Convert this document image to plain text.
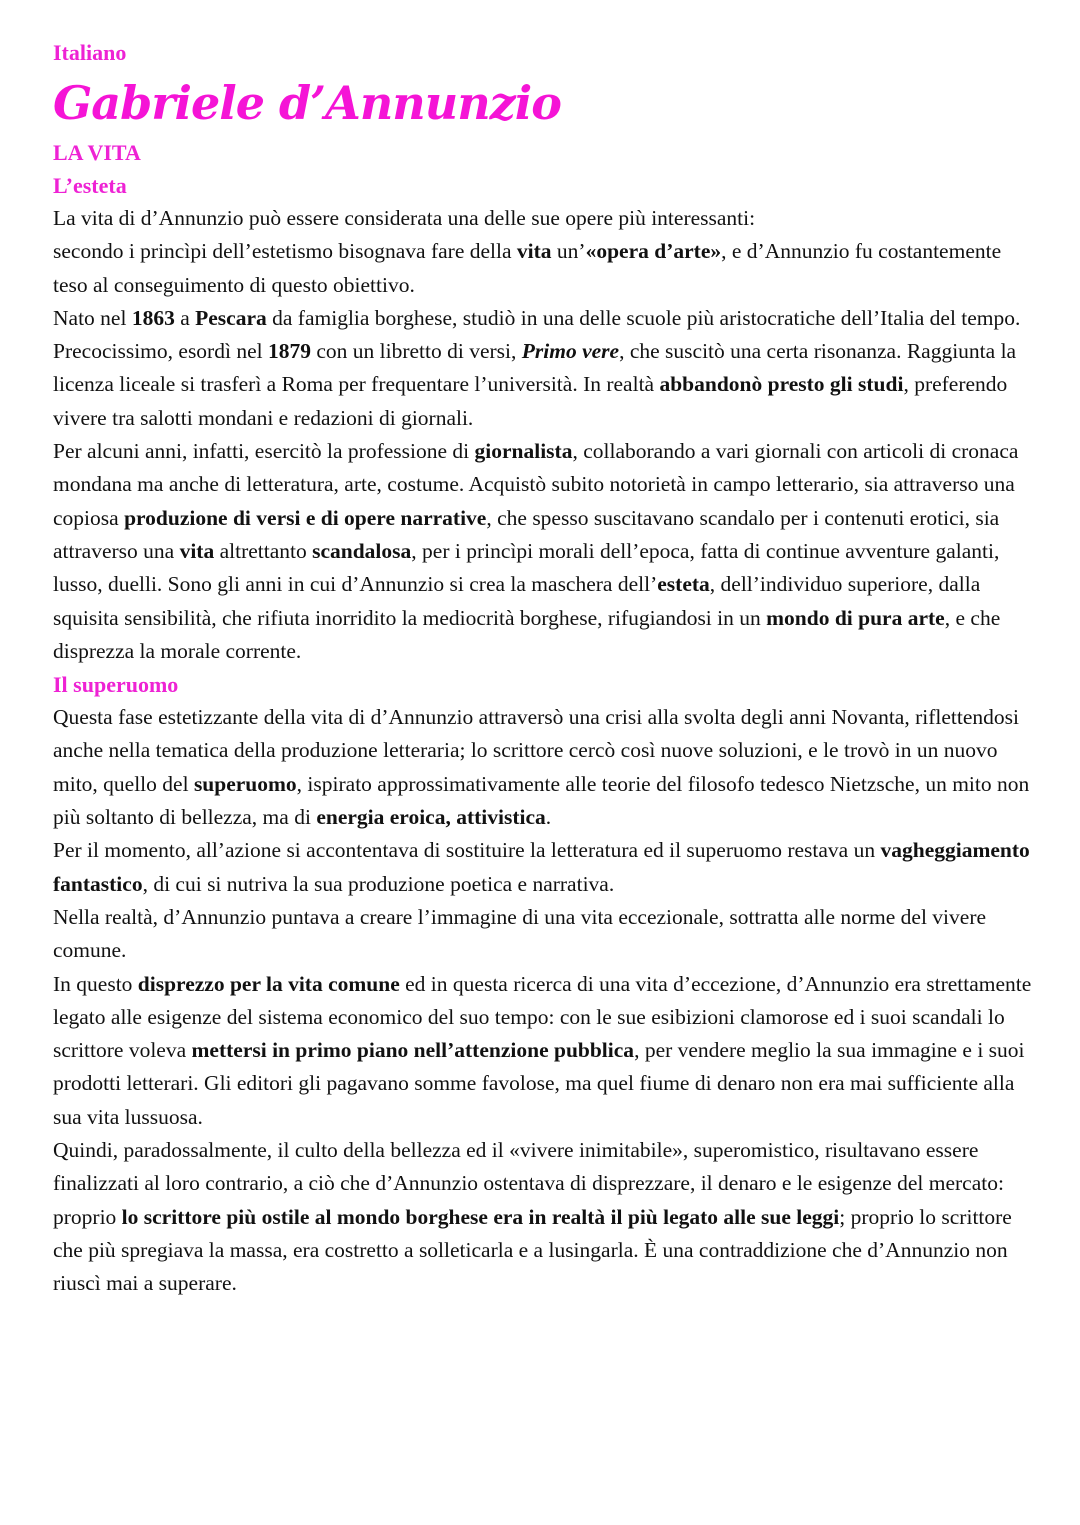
Italiano

Gabriele d’Annunzio
LA VITA
L’esteta

La vita di d’Annunzio può essere considerata una delle sue opere più interessanti:

secondo i princìpi dell’estetismo bisognava fare della vita un’«opera d’arte», e d’Annunzio fu costantemente teso al conseguimento di questo obiettivo.

Nato nel 1863 a Pescara da famiglia borghese, studiò in una delle scuole più aristocratiche dell’Italia del tempo.

Precocissimo, esordì nel 1879 con un libretto di versi, Primo vere, che suscitò una certa risonanza. Raggiunta la licenza liceale si trasferì a Roma per frequentare l’università. In realtà abbandonò presto gli studi, preferendo vivere tra salotti mondani e redazioni di giornali.

Per alcuni anni, infatti, esercitò la professione di giornalista, collaborando a vari giornali con articoli di cronaca mondana ma anche di letteratura, arte, costume. Acquistò subito notorietà in campo letterario, sia attraverso una copiosa produzione di versi e di opere narrative, che spesso suscitavano scandalo per i contenuti erotici, sia attraverso una vita altrettanto scandalosa, per i princìpi morali dell’epoca, fatta di continue avventure galanti, lusso, duelli. Sono gli anni in cui d’Annunzio si crea la maschera dell’esteta, dell’individuo superiore, dalla squisita sensibilità, che rifiuta inorridito la mediocrità borghese, rifugiandosi in un mondo di pura arte, e che disprezza la morale corrente.

Il superuomo

Questa fase estetizzante della vita di d’Annunzio attraversò una crisi alla svolta degli anni Novanta, riflettendosi anche nella tematica della produzione letteraria; lo scrittore cercò così nuove soluzioni, e le trovò in un nuovo mito, quello del superuomo, ispirato approssimativamente alle teorie del filosofo tedesco Nietzsche, un mito non più soltanto di bellezza, ma di energia eroica, attivistica.

Per il momento, all’azione si accontentava di sostituire la letteratura ed il superuomo restava un vagheggiamento fantastico, di cui si nutriva la sua produzione poetica e narrativa.

Nella realtà, d’Annunzio puntava a creare l’immagine di una vita eccezionale, sottratta alle norme del vivere comune.

In questo disprezzo per la vita comune ed in questa ricerca di una vita d’eccezione, d’Annunzio era strettamente legato alle esigenze del sistema economico del suo tempo: con le sue esibizioni clamorose ed i suoi scandali lo scrittore voleva mettersi in primo piano nell’attenzione pubblica, per vendere meglio la sua immagine e i suoi prodotti letterari. Gli editori gli pagavano somme favolose, ma quel fiume di denaro non era mai sufficiente alla sua vita lussuosa.

Quindi, paradossalmente, il culto della bellezza ed il «vivere inimitabile», superomistico, risultavano essere finalizzati al loro contrario, a ciò che d’Annunzio ostentava di disprezzare, il denaro e le esigenze del mercato: proprio lo scrittore più ostile al mondo borghese era in realtà il più legato alle sue leggi; proprio lo scrittore che più spregiava la massa, era costretto a solleticarla e a lusingarla. È una contraddizione che d’Annunzio non riuscì mai a superare.
